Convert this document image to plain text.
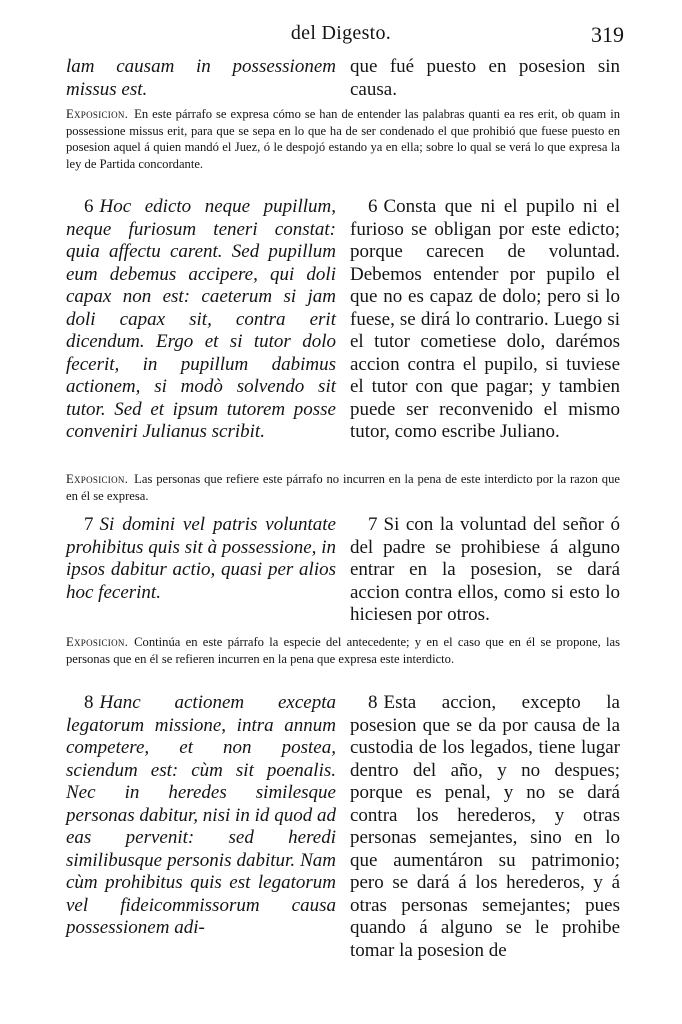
del Digesto.	319
lam causam in possessionem missus est.
que fué puesto en posesion sin causa.
Exposicion. En este párrafo se expresa cómo se han de entender las palabras quanti ea res erit, ob quam in possessione missus erit, para que se sepa en lo que ha de ser condenado el que prohibió que fuese puesto en posesion aquel á quien mandó el Juez, ó le despojó estando ya en ella; sobre lo qual se verá lo que expresa la ley de Partida concordante.
6 Hoc edicto neque pupillum, neque furiosum teneri constat: quia affectu carent. Sed pupillum eum debemus accipere, qui doli capax non est: caeterum si jam doli capax sit, contra erit dicendum. Ergo et si tutor dolo fecerit, in pupillum dabimus actionem, si modò solvendo sit tutor. Sed et ipsum tutorem posse conveniri Julianus scribit.
6 Consta que ni el pupilo ni el furioso se obligan por este edicto; porque carecen de voluntad. Debemos entender por pupilo el que no es capaz de dolo; pero si lo fuese, se dirá lo contrario. Luego si el tutor cometiese dolo, darémos accion contra el pupilo, si tuviese el tutor con que pagar; y tambien puede ser reconvenido el mismo tutor, como escribe Juliano.
Exposicion. Las personas que refiere este párrafo no incurren en la pena de este interdicto por la razon que en él se expresa.
7 Si domini vel patris voluntate prohibitus quis sit à possessione, in ipsos dabitur actio, quasi per alios hoc fecerint.
7 Si con la voluntad del señor ó del padre se prohibiese á alguno entrar en la posesion, se dará accion contra ellos, como si esto lo hiciesen por otros.
Exposicion. Continúa en este párrafo la especie del antecedente; y en el caso que en él se propone, las personas que en él se refieren incurren en la pena que expresa este interdicto.
8 Hanc actionem excepta legatorum missione, intra annum competere, et non postea, sciendum est: cùm sit poenalis. Nec in heredes similesque personas dabitur, nisi in id quod ad eas pervenit: sed heredi similibusque personis dabitur. Nam cùm prohibitus quis est legatorum vel fideicommissorum causa possessionem adi-
8 Esta accion, excepto la posesion que se da por causa de la custodia de los legados, tiene lugar dentro del año, y no despues; porque es penal, y no se dará contra los herederos, y otras personas semejantes, sino en lo que aumentáron su patrimonio; pero se dará á los herederos, y á otras personas semejantes; pues quando á alguno se le prohibe tomar la posesion de
